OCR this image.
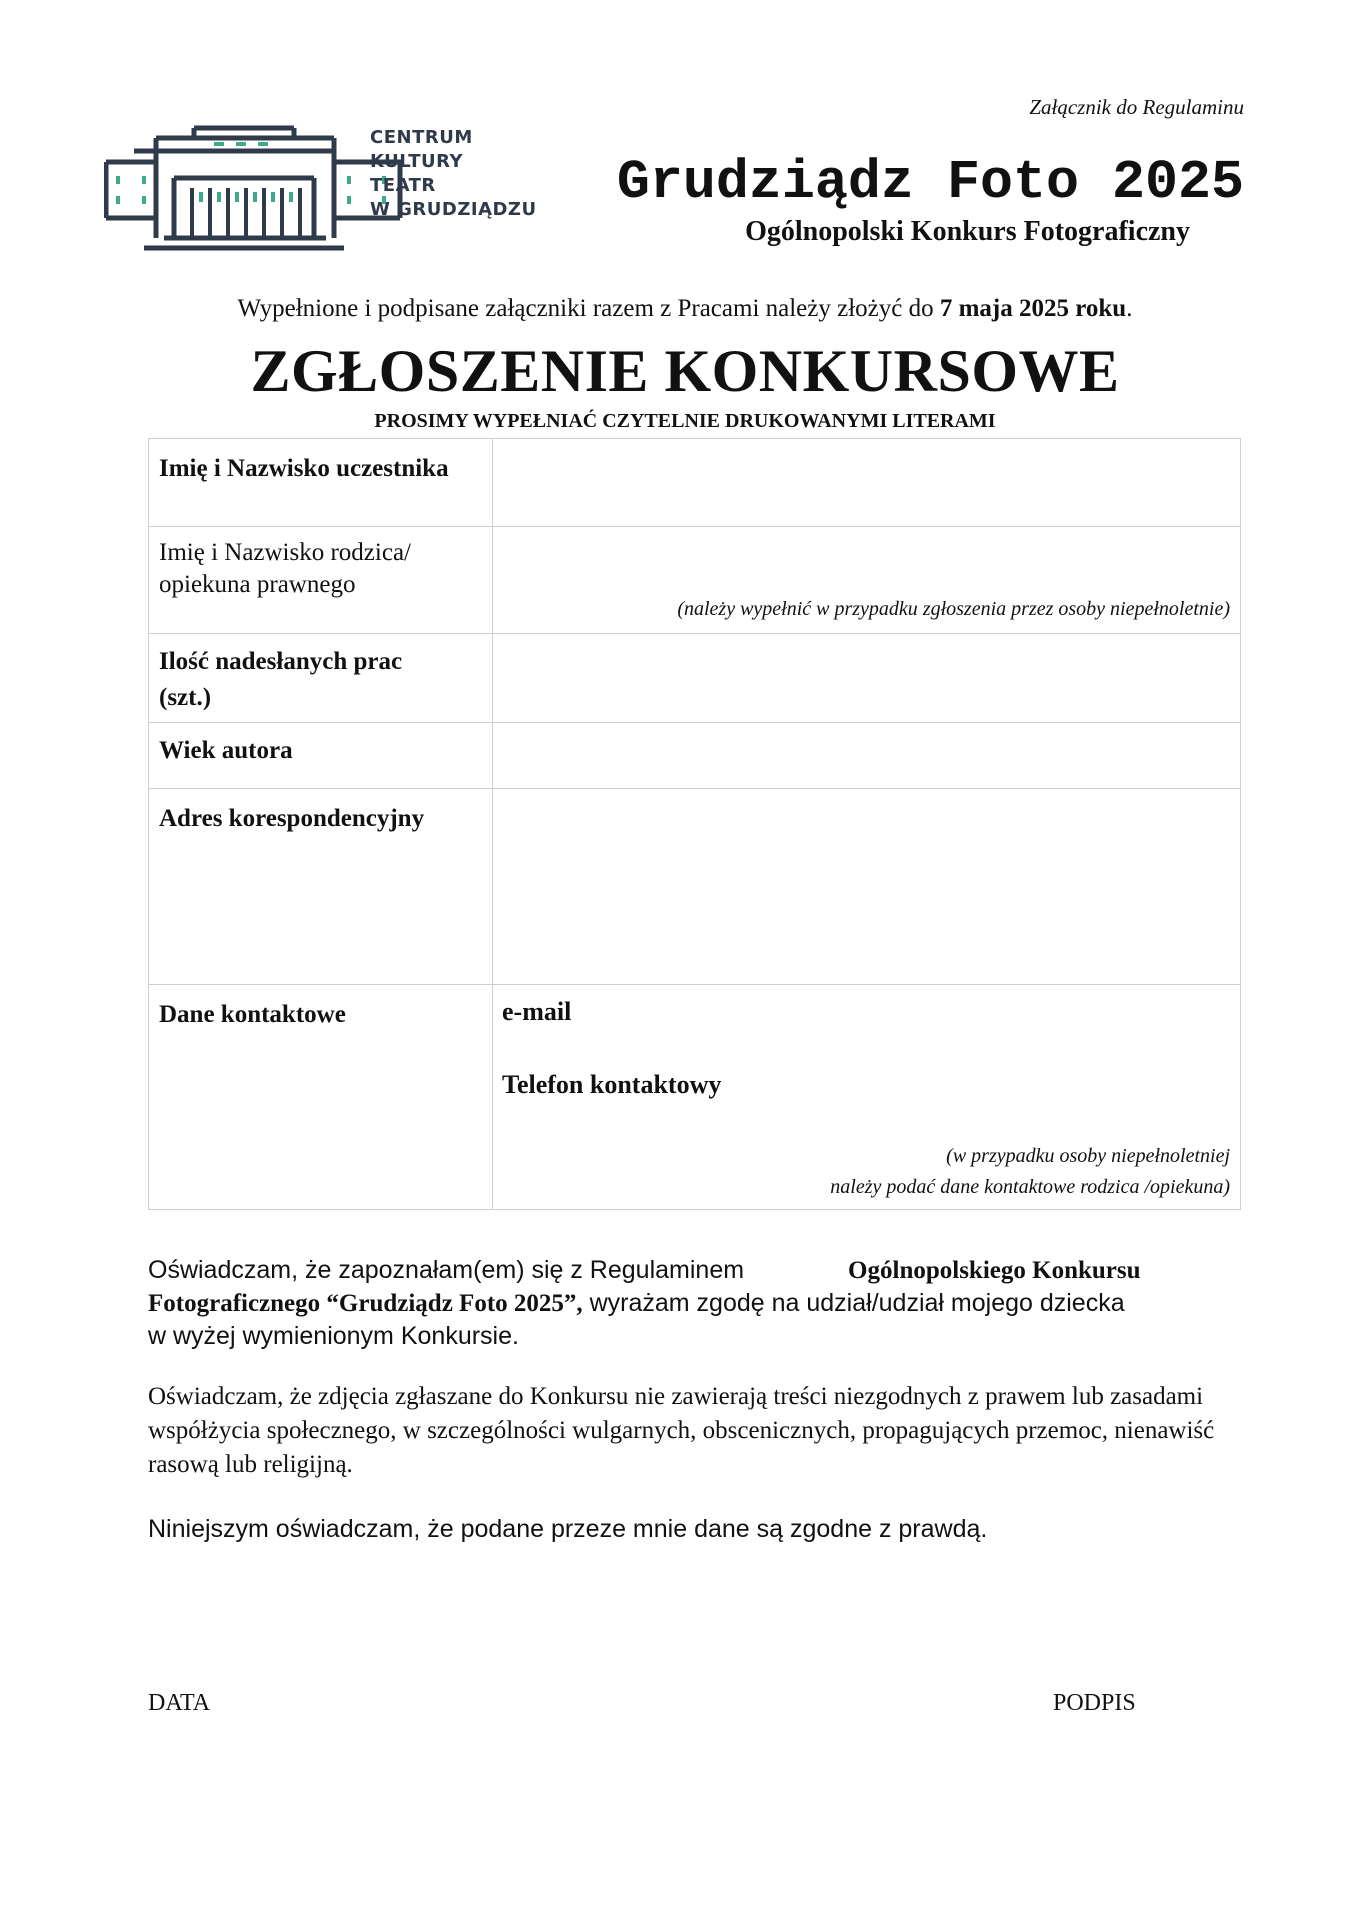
Załącznik do Regulaminu
CENTRUM
KULTURY
TEATR
W GRUDZIĄDZU Grudziądz Foto 2025
Ogólnopolski Konkurs Fotograficzny
Wypełnione i podpisane załączniki razem z Pracami należy złożyć do 7 maja 2025 roku.
ZGŁOSZENIE KONKURSOWE
PROSIMY WYPEŁNIAĆ CZYTELNIE DRUKOWANYMI LITERAMI
Imię i Nazwisko uczestnika	

Imię i Nazwisko rodzica/
opiekuna prawnego	(należy wypełnić w przypadku zgłoszenia przez osoby niepełnoletnie)

Ilość nadesłanych prac
(szt.)	

Wiek autora	

Adres korespondencyjny	

Dane kontaktowe	e-mail
Telefon kontaktowy
(w przypadku osoby niepełnoletniej
należy podać dane kontaktowe rodzica /opiekuna)
Oświadczam, że zapoznałam(em) się z Regulaminem	Ogólnopolskiego Konkursu
Fotograficznego “Grudziądz Foto 2025”, wyrażam zgodę na udział/udział mojego dziecka
w wyżej wymienionym Konkursie.
Oświadczam, że zdjęcia zgłaszane do Konkursu nie zawierają treści niezgodnych z prawem lub zasadami współżycia społecznego, w szczególności wulgarnych, obscenicznych, propagujących przemoc, nienawiść rasową lub religijną.
Niniejszym oświadczam, że podane przeze mnie dane są zgodne z prawdą.
DATA	PODPIS
